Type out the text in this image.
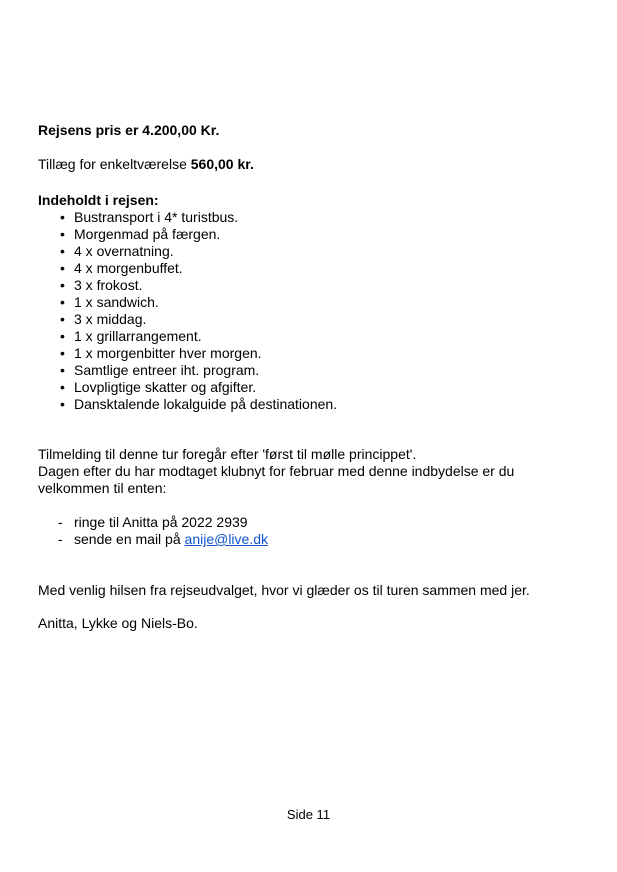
Rejsens pris er 4.200,00 Kr.
Tillæg for enkeltværelse 560,00 kr.
Indeholdt i rejsen:
• Bustransport i 4* turistbus.
• Morgenmad på færgen.
• 4 x overnatning.
• 4 x morgenbuffet.
• 3 x frokost.
• 1 x sandwich.
• 3 x middag.
• 1 x grillarrangement.
• 1 x morgenbitter hver morgen.
• Samtlige entreer iht. program.
• Lovpligtige skatter og afgifter.
• Dansktalende lokalguide på destinationen.
Tilmelding til denne tur foregår efter 'først til mølle princippet'.
Dagen efter du har modtaget klubnyt for februar med denne indbydelse er du
velkommen til enten:
- ringe til Anitta på 2022 2939
- sende en mail på anije@live.dk
Med venlig hilsen fra rejseudvalget, hvor vi glæder os til turen sammen med jer.
Anitta, Lykke og Niels-Bo.
Side 11
